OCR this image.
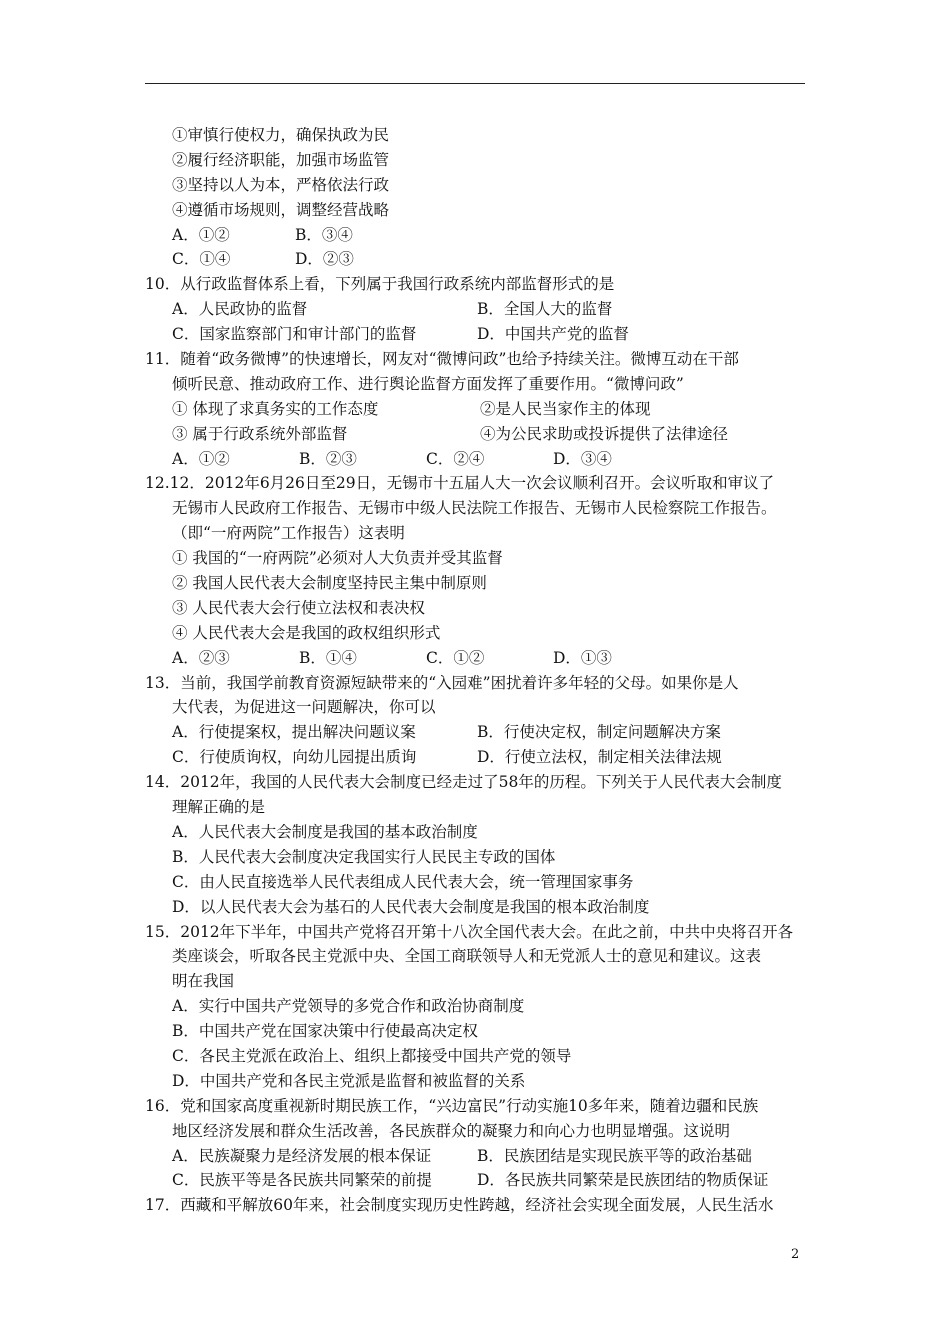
①审慎行使权力，确保执政为民
②履行经济职能，加强市场监管
③坚持以人为本，严格依法行政
④遵循市场规则，调整经营战略
A．①②	B．③④
C．①④	D．②③
10．从行政监督体系上看，下列属于我国行政系统内部监督形式的是
A．人民政协的监督	B．全国人大的监督
C．国家监察部门和审计部门的监督	D．中国共产党的监督
11．随着“政务微博”的快速增长，网友对“微博问政”也给予持续关注。微博互动在干部
倾听民意、推动政府工作、进行舆论监督方面发挥了重要作用。“微博问政”
① 体现了求真务实的工作态度	②是人民当家作主的体现
③ 属于行政系统外部监督	④为公民求助或投诉提供了法律途径
A．①②	B．②③	C．②④	D．③④
12.12．2012年6月26日至29日，无锡市十五届人大一次会议顺利召开。会议听取和审议了
无锡市人民政府工作报告、无锡市中级人民法院工作报告、无锡市人民检察院工作报告。
（即“一府两院”工作报告）这表明
① 我国的“一府两院”必须对人大负责并受其监督
② 我国人民代表大会制度坚持民主集中制原则
③ 人民代表大会行使立法权和表决权
④ 人民代表大会是我国的政权组织形式
A．②③	B．①④	C．①②	D．①③
13．当前，我国学前教育资源短缺带来的“入园难”困扰着许多年轻的父母。如果你是人
大代表，为促进这一问题解决，你可以
A．行使提案权，提出解决问题议案	B．行使决定权，制定问题解决方案
C．行使质询权，向幼儿园提出质询	D．行使立法权，制定相关法律法规
14．2012年，我国的人民代表大会制度已经走过了58年的历程。下列关于人民代表大会制度
理解正确的是
A．人民代表大会制度是我国的基本政治制度
B．人民代表大会制度决定我国实行人民民主专政的国体
C．由人民直接选举人民代表组成人民代表大会，统一管理国家事务
D．以人民代表大会为基石的人民代表大会制度是我国的根本政治制度
15．2012年下半年，中国共产党将召开第十八次全国代表大会。在此之前，中共中央将召开各
类座谈会，听取各民主党派中央、全国工商联领导人和无党派人士的意见和建议。这表
明在我国
A．实行中国共产党领导的多党合作和政治协商制度
B．中国共产党在国家决策中行使最高决定权
C．各民主党派在政治上、组织上都接受中国共产党的领导
D．中国共产党和各民主党派是监督和被监督的关系
16．党和国家高度重视新时期民族工作，“兴边富民”行动实施10多年来，随着边疆和民族
地区经济发展和群众生活改善，各民族群众的凝聚力和向心力也明显增强。这说明
A．民族凝聚力是经济发展的根本保证	B．民族团结是实现民族平等的政治基础
C．民族平等是各民族共同繁荣的前提	D．各民族共同繁荣是民族团结的物质保证
17．西藏和平解放60年来，社会制度实现历史性跨越，经济社会实现全面发展，人民生活水
2
